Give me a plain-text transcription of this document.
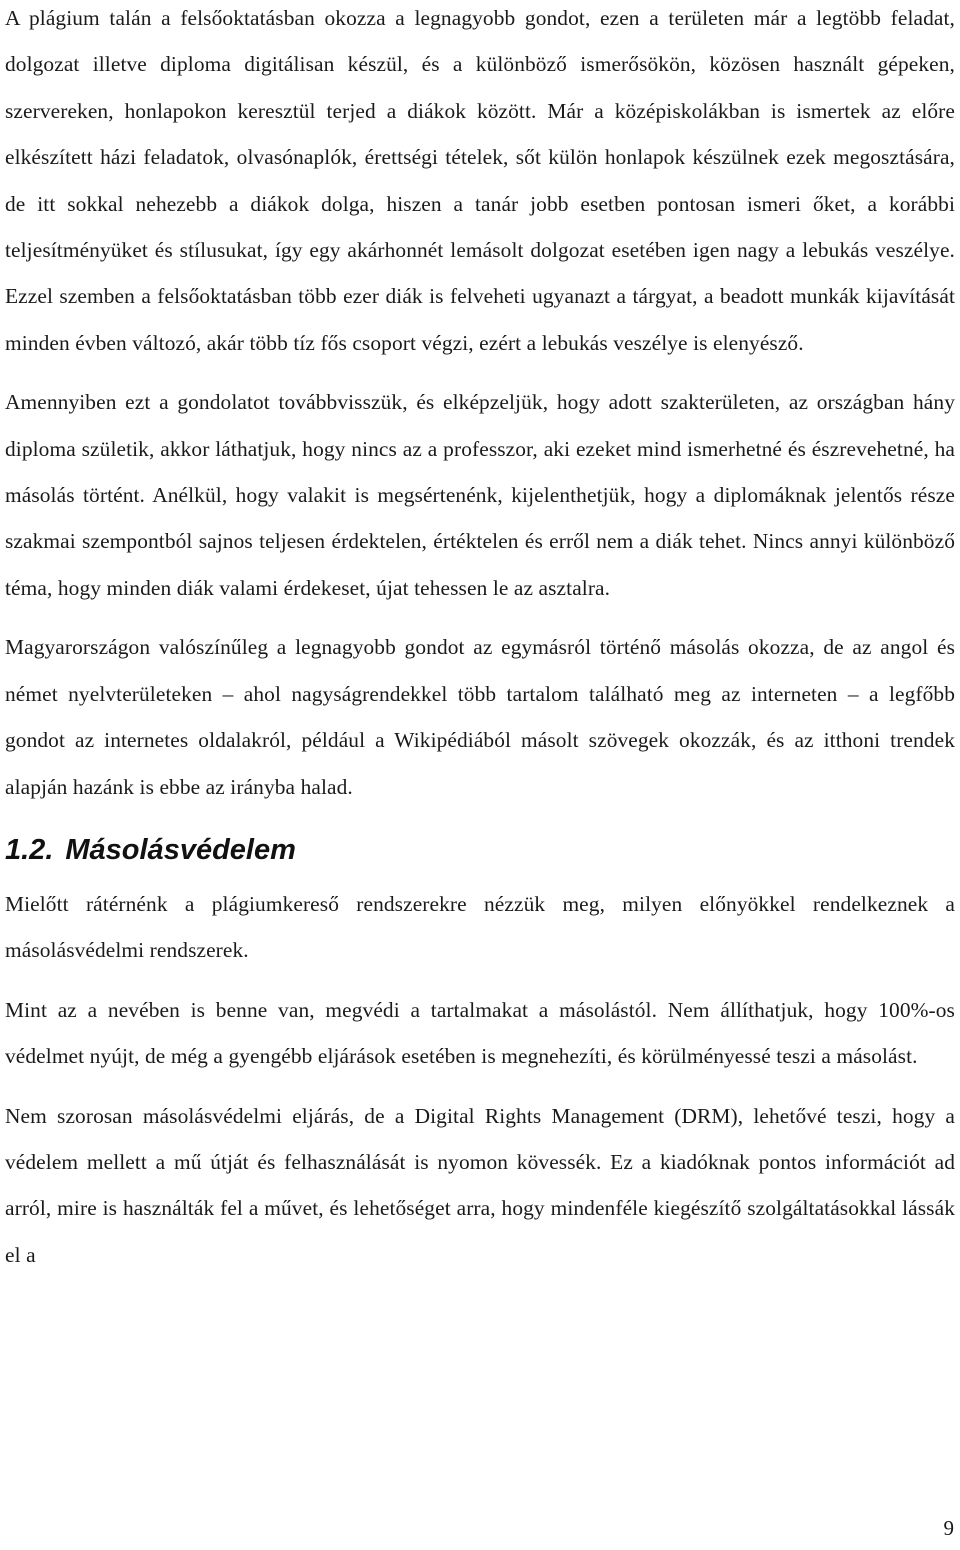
A plágium talán a felsőoktatásban okozza a legnagyobb gondot, ezen a területen már a legtöbb feladat, dolgozat illetve diploma digitálisan készül, és a különböző ismerősökön, közösen használt gépeken, szervereken, honlapokon keresztül terjed a diákok között. Már a középiskolákban is ismertek az előre elkészített házi feladatok, olvasónaplók, érettségi tételek, sőt külön honlapok készülnek ezek megosztására, de itt sokkal nehezebb a diákok dolga, hiszen a tanár jobb esetben pontosan ismeri őket, a korábbi teljesítményüket és stílusukat, így egy akárhonnét lemásolt dolgozat esetében igen nagy a lebukás veszélye. Ezzel szemben a felsőoktatásban több ezer diák is felveheti ugyanazt a tárgyat, a beadott munkák kijavítását minden évben változó, akár több tíz fős csoport végzi, ezért a lebukás veszélye is elenyésző.

Amennyiben ezt a gondolatot továbbvisszük, és elképzeljük, hogy adott szakterületen, az országban hány diploma születik, akkor láthatjuk, hogy nincs az a professzor, aki ezeket mind ismerhetné és észrevehetné, ha másolás történt. Anélkül, hogy valakit is megsértenénk, kijelenthetjük, hogy a diplomáknak jelentős része szakmai szempontból sajnos teljesen érdektelen, értéktelen és erről nem a diák tehet. Nincs annyi különböző téma, hogy minden diák valami érdekeset, újat tehessen le az asztalra.

Magyarországon valószínűleg a legnagyobb gondot az egymásról történő másolás okozza, de az angol és német nyelvterületeken – ahol nagyságrendekkel több tartalom található meg az interneten – a legfőbb gondot az internetes oldalakról, például a Wikipédiából másolt szövegek okozzák, és az itthoni trendek alapján hazánk is ebbe az irányba halad.

1.2. Másolásvédelem

Mielőtt rátérnénk a plágiumkereső rendszerekre nézzük meg, milyen előnyökkel rendelkeznek a másolásvédelmi rendszerek.

Mint az a nevében is benne van, megvédi a tartalmakat a másolástól. Nem állíthatjuk, hogy 100%-os védelmet nyújt, de még a gyengébb eljárások esetében is megnehezíti, és körülményessé teszi a másolást.

Nem szorosan másolásvédelmi eljárás, de a Digital Rights Management (DRM), lehetővé teszi, hogy a védelem mellett a mű útját és felhasználását is nyomon kövessék. Ez a kiadóknak pontos információt ad arról, mire is használták fel a művet, és lehetőséget arra, hogy mindenféle kiegészítő szolgáltatásokkal lássák el a

9
